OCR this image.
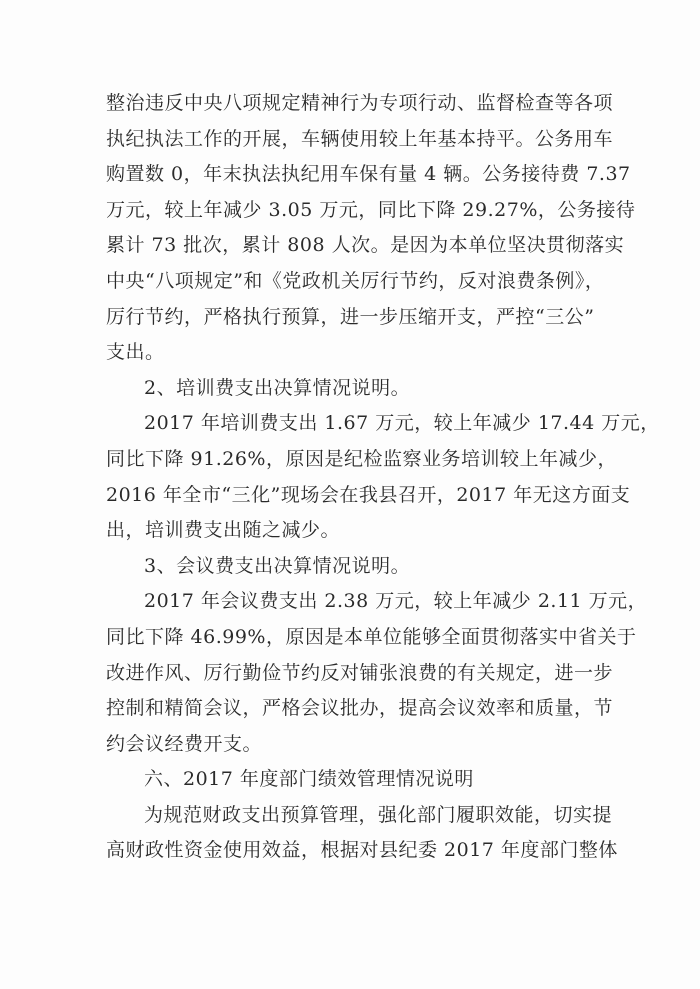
整治违反中央八项规定精神行为专项行动、监督检查等各项
执纪执法工作的开展，车辆使用较上年基本持平。公务用车
购置数 0，年末执法执纪用车保有量 4 辆。公务接待费 7.37
万元，较上年减少 3.05 万元，同比下降 29.27%，公务接待
累计 73 批次，累计 808 人次。是因为本单位坚决贯彻落实
中央“八项规定”和《党政机关厉行节约，反对浪费条例》，
厉行节约，严格执行预算，进一步压缩开支，严控“三公”
支出。
2、培训费支出决算情况说明。
2017 年培训费支出 1.67 万元，较上年减少 17.44 万元，
同比下降 91.26%，原因是纪检监察业务培训较上年减少，
2016 年全市“三化”现场会在我县召开，2017 年无这方面支
出，培训费支出随之减少。
3、会议费支出决算情况说明。
2017 年会议费支出 2.38 万元，较上年减少 2.11 万元，
同比下降 46.99%，原因是本单位能够全面贯彻落实中省关于
改进作风、厉行勤俭节约反对铺张浪费的有关规定，进一步
控制和精简会议，严格会议批办，提高会议效率和质量，节
约会议经费开支。
六、2017 年度部门绩效管理情况说明
为规范财政支出预算管理，强化部门履职效能，切实提
高财政性资金使用效益，根据对县纪委 2017 年度部门整体
